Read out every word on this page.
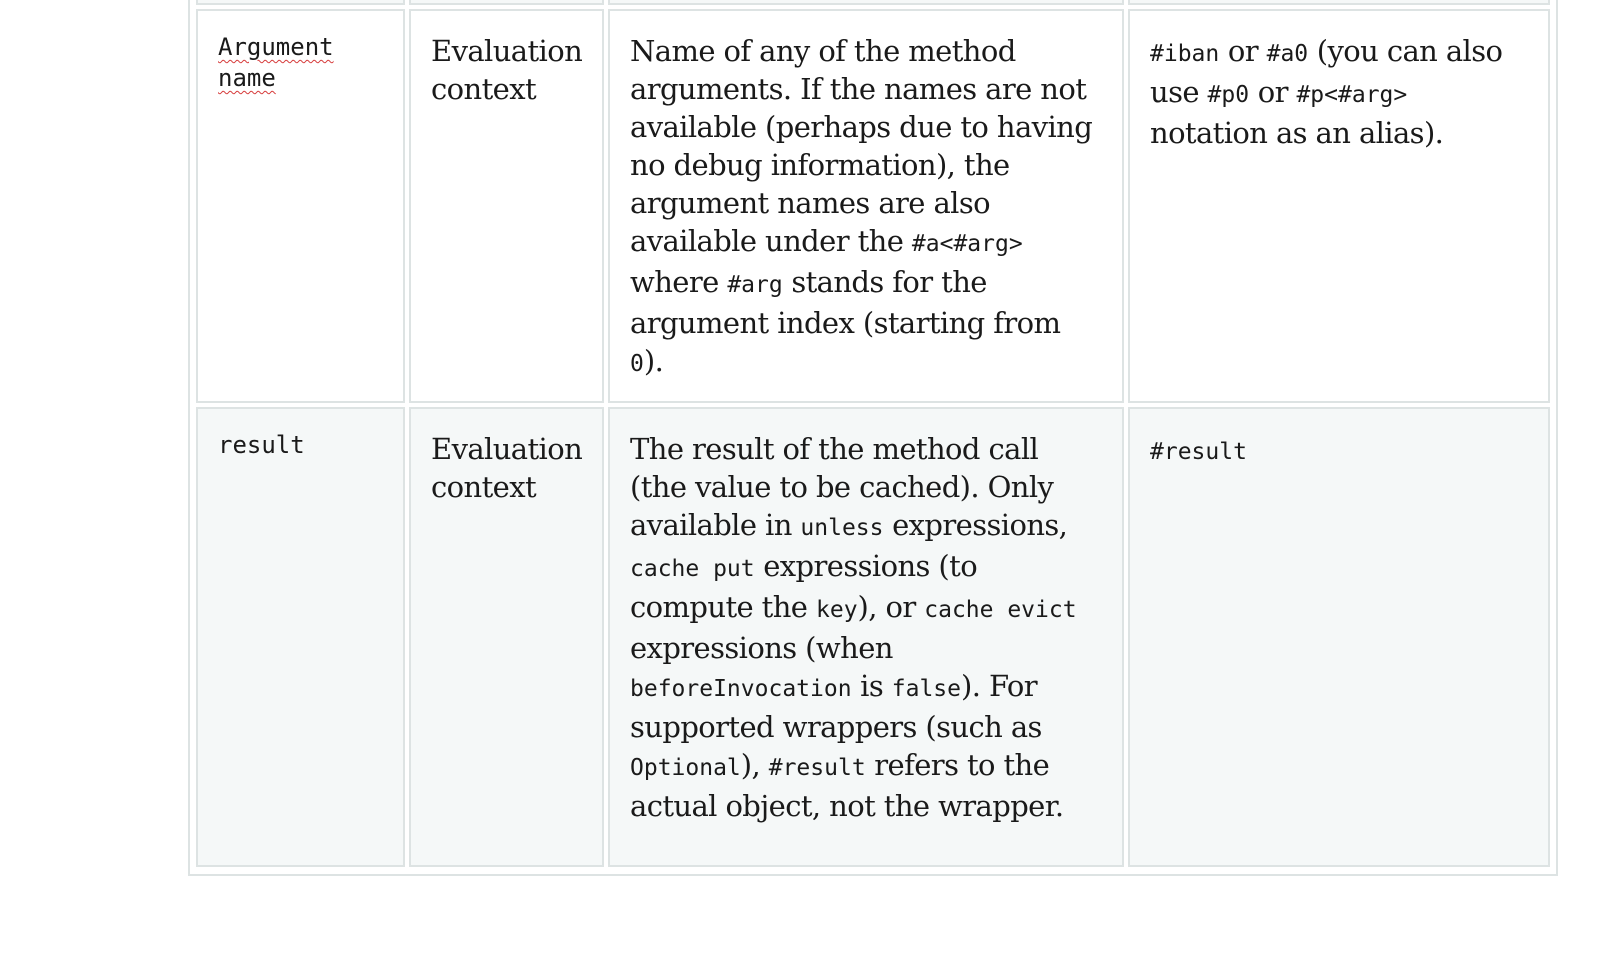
Argument name	Evaluation context	Name of any of the method arguments. If the names are not available (perhaps due to having no debug information), the argument names are also available under the #a<#arg> where #arg stands for the argument index (starting from 0).	#iban or #a0 (you can also use #p0 or #p<#arg> notation as an alias).
result	Evaluation context	The result of the method call (the value to be cached). Only available in unless expressions, cache put expressions (to compute the key), or cache evict expressions (when beforeInvocation is false). For supported wrappers (such as Optional), #result refers to the actual object, not the wrapper.	#result
